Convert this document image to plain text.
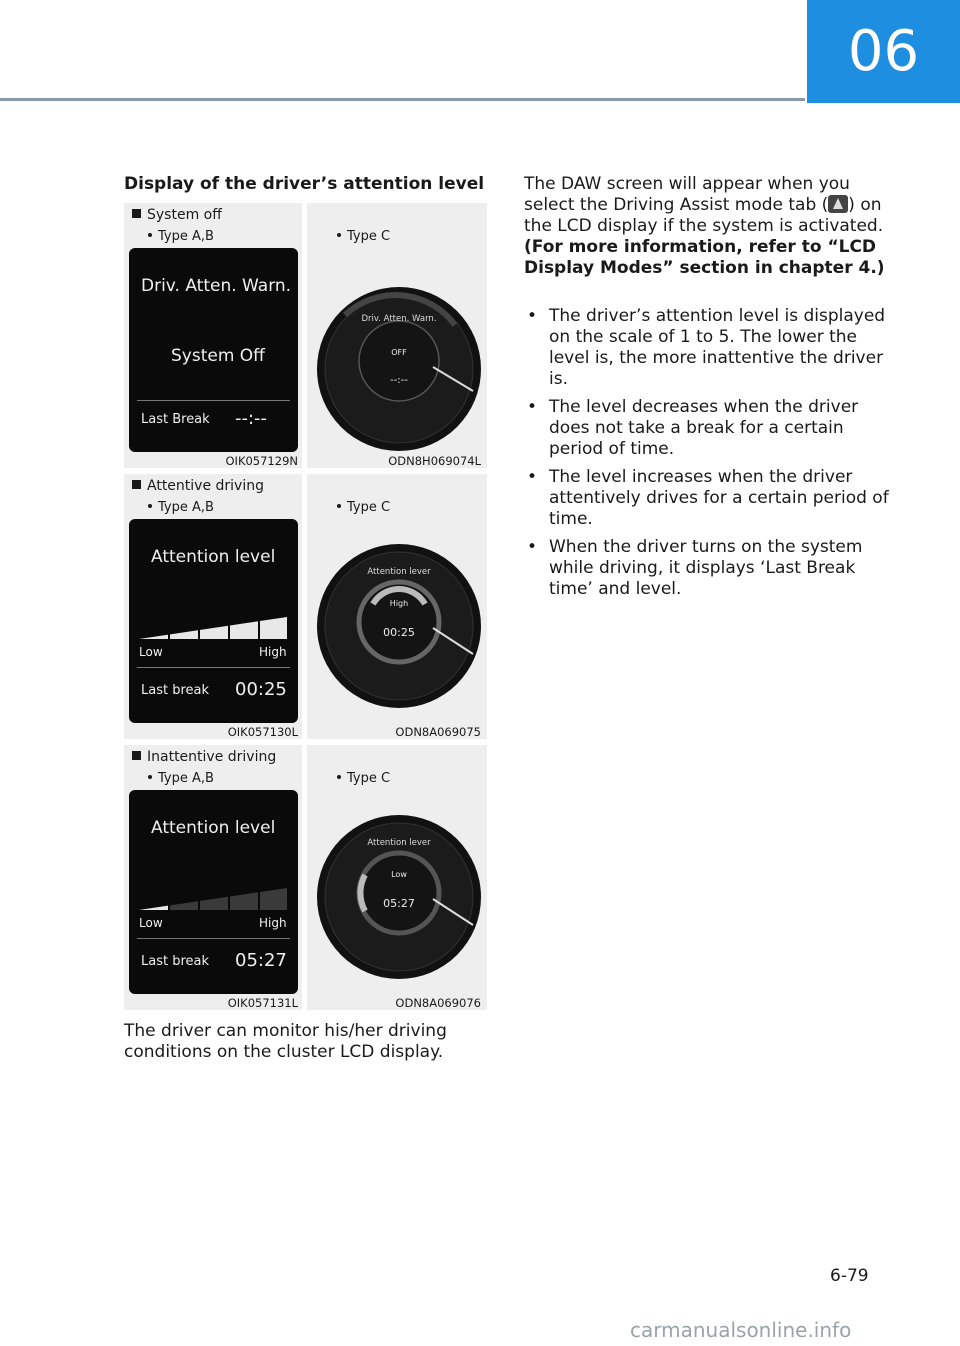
06
Display of the driver’s attention level
System off
Type A,B
Driv. Atten. Warn.
System Off
Last Break --:--
OIK057129N
Type C
Driv. Atten. Warn.
OFF
--:--
ODN8H069074L
Attentive driving
Type A,B
Attention level
Low	High
Last break 00:25
OIK057130L
Type C
Attention lever
High
00:25
ODN8A069075
Inattentive driving
Type A,B
Attention level
Low	High
Last break 05:27
OIK057131L
Type C
Attention lever
Low
05:27
ODN8A069076
The driver can monitor his/her driving conditions on the cluster LCD display.
The DAW screen will appear when you select the Driving Assist mode tab ( ) on the LCD display if the system is activated. (For more information, refer to “LCD Display Modes” section in chapter 4.)
• The driver’s attention level is displayed on the scale of 1 to 5. The lower the level is, the more inattentive the driver is.
• The level decreases when the driver does not take a break for a certain period of time.
• The level increases when the driver attentively drives for a certain period of time.
• When the driver turns on the system while driving, it displays ‘Last Break time’ and level.
6-79
carmanualsonline.info
